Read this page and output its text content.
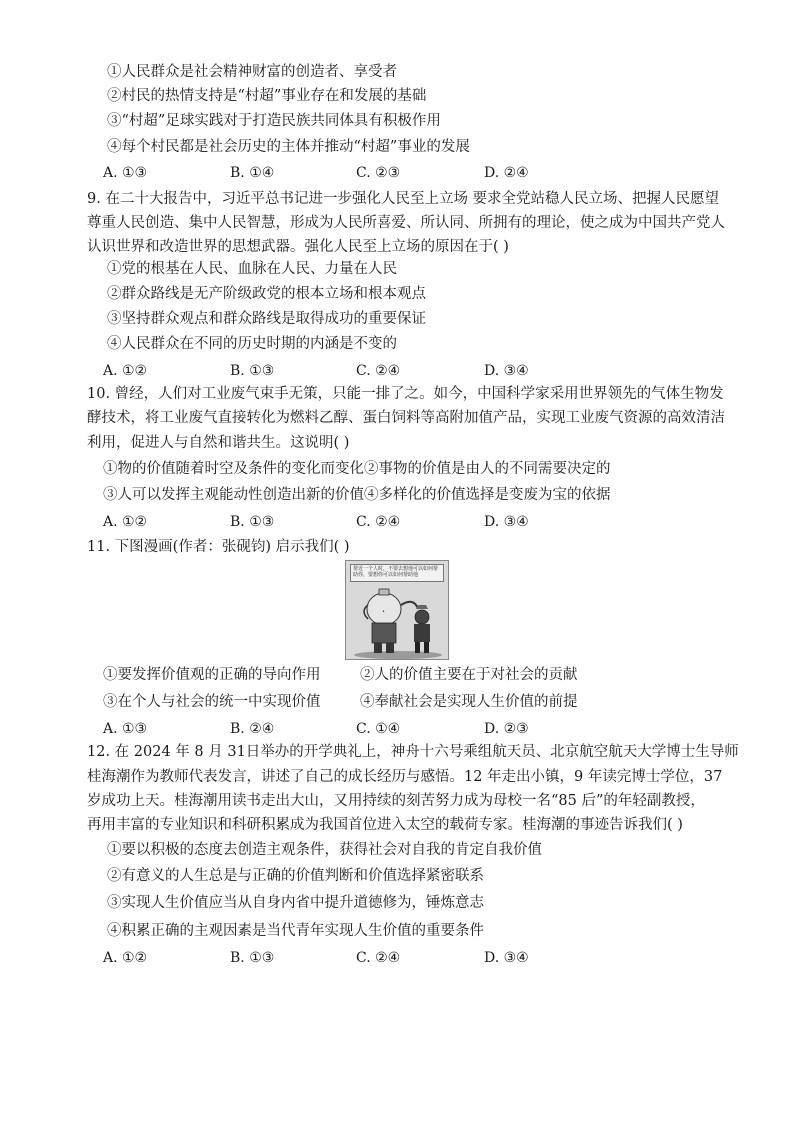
①人民群众是社会精神财富的创造者、享受者
②村民的热情支持是“村超”事业存在和发展的基础
③“村超”足球实践对于打造民族共同体具有积极作用
④每个村民都是社会历史的主体并推动“村超”事业的发展
A. ①③	B. ①④	C. ②③	D. ②④
9. 在二十大报告中，习近平总书记进一步强化人民至上立场 要求全党站稳人民立场、把握人民愿望
尊重人民创造、集中人民智慧，形成为人民所喜爱、所认同、所拥有的理论，使之成为中国共产党人
认识世界和改造世界的思想武器。强化人民至上立场的原因在于( )
①党的根基在人民、血脉在人民、力量在人民
②群众路线是无产阶级政党的根本立场和根本观点
③坚持群众观点和群众路线是取得成功的重要保证
④人民群众在不同的历史时期的内涵是不变的
A. ①②	B. ①③	C. ②④	D. ③④
10. 曾经，人们对工业废气束手无策，只能一排了之。如今，中国科学家采用世界领先的气体生物发
酵技术，将工业废气直接转化为燃料乙醇、蛋白饲料等高附加值产品，实现工业废气资源的高效清洁
利用，促进人与自然和谐共生。这说明( )
①物的价值随着时空及条件的变化而变化②事物的价值是由人的不同需要决定的
③人可以发挥主观能动性创造出新的价值④多样化的价值选择是变废为宝的依据
A. ①②	B. ①③	C. ②④	D. ③④
11. 下图漫画(作者：张砚钧) 启示我们( )
帮近一个人时，不要去想他可以如何帮助你，要想你可以如何帮助他
•
①要发挥价值观的正确的导向作用	②人的价值主要在于对社会的贡献
③在个人与社会的统一中实现价值	④奉献社会是实现人生价值的前提
A. ①③	B. ②④	C. ①④	D. ②③
12. 在 2024 年 8 月 31日举办的开学典礼上，神舟十六号乘组航天员、北京航空航天大学博士生导师
桂海潮作为教师代表发言，讲述了自己的成长经历与感悟。12 年走出小镇，9 年读完博士学位，37
岁成功上天。桂海潮用读书走出大山，又用持续的刻苦努力成为母校一名“85 后”的年轻副教授，
再用丰富的专业知识和科研积累成为我国首位进入太空的载荷专家。桂海潮的事迹告诉我们( )
①要以积极的态度去创造主观条件，获得社会对自我的肯定自我价值
②有意义的人生总是与正确的价值判断和价值选择紧密联系
③实现人生价值应当从自身内省中提升道德修为，锤炼意志
④积累正确的主观因素是当代青年实现人生价值的重要条件
A. ①②	B. ①③	C. ②④	D. ③④
